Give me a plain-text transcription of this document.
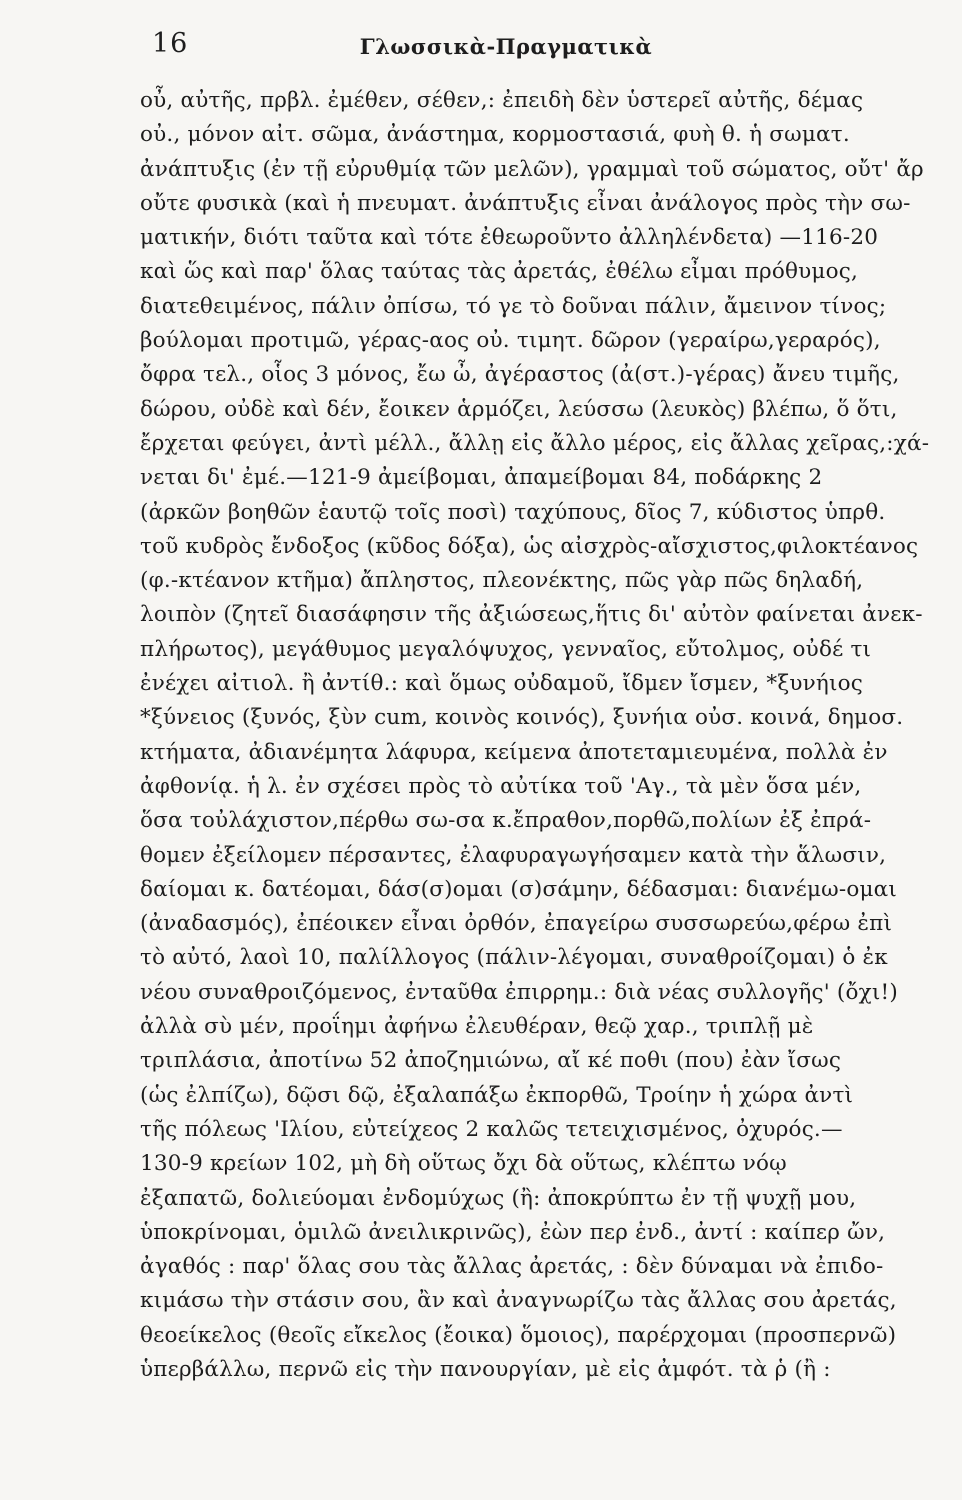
16	Γλωσσικὰ-Πραγματικὰ
οὖ, αὐτῆς, πρβλ. ἐμέθεν, σέθεν,: ἐπειδὴ δὲν ὑστερεῖ αὐτῆς, δέμας
οὐ., μόνον αἰτ. σῶμα, ἀνάστημα, κορμοστασιά, φυὴ θ. ἡ σωματ.
ἀνάπτυξις (ἐν τῇ εὐρυθμίᾳ τῶν μελῶν), γραμμαὶ τοῦ σώματος, οὔτ' ἄρ
οὔτε φυσικὰ (καὶ ἡ πνευματ. ἀνάπτυξις εἶναι ἀνάλογος πρὸς τὴν σω-
ματικήν, διότι ταῦτα καὶ τότε ἐθεωροῦντο ἀλληλένδετα) —116-20
καὶ ὥς καὶ παρ' ὅλας ταύτας τὰς ἀρετάς, ἐθέλω εἶμαι πρόθυμος,
διατεθειμένος, πάλιν ὀπίσω, τό γε τὸ δοῦναι πάλιν, ἄμεινον τίνος;
βούλομαι προτιμῶ, γέρας-αος οὐ. τιμητ. δῶρον (γεραίρω,γεραρός),
ὄφρα τελ., οἷος 3 μόνος, ἔω ὦ, ἀγέραστος (ἀ(στ.)-γέρας) ἄνευ τιμῆς,
δώρου, οὐδὲ καὶ δέν, ἔοικεν ἁρμόζει, λεύσσω (λευκὸς) βλέπω, ὅ ὅτι,
ἔρχεται φεύγει, ἀντὶ μέλλ., ἄλλῃ εἰς ἄλλο μέρος, εἰς ἄλλας χεῖρας,:χά-
νεται δι' ἐμέ.—121-9 ἀμείβομαι, ἀπαμείβομαι 84, ποδάρκης 2
(ἀρκῶν βοηθῶν ἑαυτῷ τοῖς ποσὶ) ταχύπους, δῖος 7, κύδιστος ὑπρθ.
τοῦ κυδρὸς ἔνδοξος (κῦδος δόξα), ὡς αἰσχρὸς-αἴσχιστος,φιλοκτέανος
(φ.-κτέανον κτῆμα) ἄπληστος, πλεονέκτης, πῶς γὰρ πῶς δηλαδή,
λοιπὸν (ζητεῖ διασάφησιν τῆς ἀξιώσεως,ἥτις δι' αὐτὸν φαίνεται ἀνεκ-
πλήρωτος), μεγάθυμος μεγαλόψυχος, γενναῖος, εὔτολμος, οὐδέ τι
ἐνέχει αἰτιολ. ἢ ἀντίθ.: καὶ ὅμως οὐδαμοῦ, ἴδμεν ἴσμεν, *ξυνήιος
*ξύνειος (ξυνός, ξὺν cum, κοινὸς κοινός), ξυνήια οὐσ. κοινά, δημοσ.
κτήματα, ἀδιανέμητα λάφυρα, κείμενα ἀποτεταμιευμένα, πολλὰ ἐν
ἀφθονίᾳ. ἡ λ. ἐν σχέσει πρὸς τὸ αὐτίκα τοῦ 'Αγ., τὰ μὲν ὅσα μέν,
ὅσα τοὐλάχιστον,πέρθω σω-σα κ.ἔπραθον,πορθῶ,πολίων ἐξ ἐπρά-
θομεν ἐξείλομεν πέρσαντες, ἐλαφυραγωγήσαμεν κατὰ τὴν ἅλωσιν,
δαίομαι κ. δατέομαι, δάσ(σ)ομαι (σ)σάμην, δέδασμαι: διανέμω-ομαι
(ἀναδασμός), ἐπέοικεν εἶναι ὀρθόν, ἐπαγείρω συσσωρεύω,φέρω ἐπὶ
τὸ αὐτό, λαοὶ 10, παλίλλογος (πάλιν-λέγομαι, συναθροίζομαι) ὁ ἐκ
νέου συναθροιζόμενος, ἐνταῦθα ἐπιρρημ.: διὰ νέας συλλογῆς' (ὄχι!)
ἀλλὰ σὺ μέν, προΐημι ἀφήνω ἐλευθέραν, θεῷ χαρ., τριπλῇ μὲ
τριπλάσια, ἀποτίνω 52 ἀποζημιώνω, αἴ κέ ποθι (που) ἐὰν ἴσως
(ὡς ἐλπίζω), δῷσι δῷ, ἐξαλαπάξω ἐκπορθῶ, Τροίην ἡ χώρα ἀντὶ
τῆς πόλεως 'Ιλίου, εὐτείχεος 2 καλῶς τετειχισμένος, ὀχυρός.—
130-9 κρείων 102, μὴ δὴ οὕτως ὄχι δὰ οὕτως, κλέπτω νόῳ
ἐξαπατῶ, δολιεύομαι ἐνδομύχως (ἢ: ἀποκρύπτω ἐν τῇ ψυχῇ μου,
ὑποκρίνομαι, ὁμιλῶ ἀνειλικρινῶς), ἐὼν περ ἐνδ., ἀντί : καίπερ ὤν,
ἀγαθός : παρ' ὅλας σου τὰς ἄλλας ἀρετάς, : δὲν δύναμαι νὰ ἐπιδο-
κιμάσω τὴν στάσιν σου, ἂν καὶ ἀναγνωρίζω τὰς ἄλλας σου ἀρετάς,
θεοείκελος (θεοῖς εἴκελος (ἔοικα) ὅμοιος), παρέρχομαι (προσπερνῶ)
ὑπερβάλλω, περνῶ εἰς τὴν πανουργίαν, μὲ εἰς ἀμφότ. τὰ ῥ (ἢ :
